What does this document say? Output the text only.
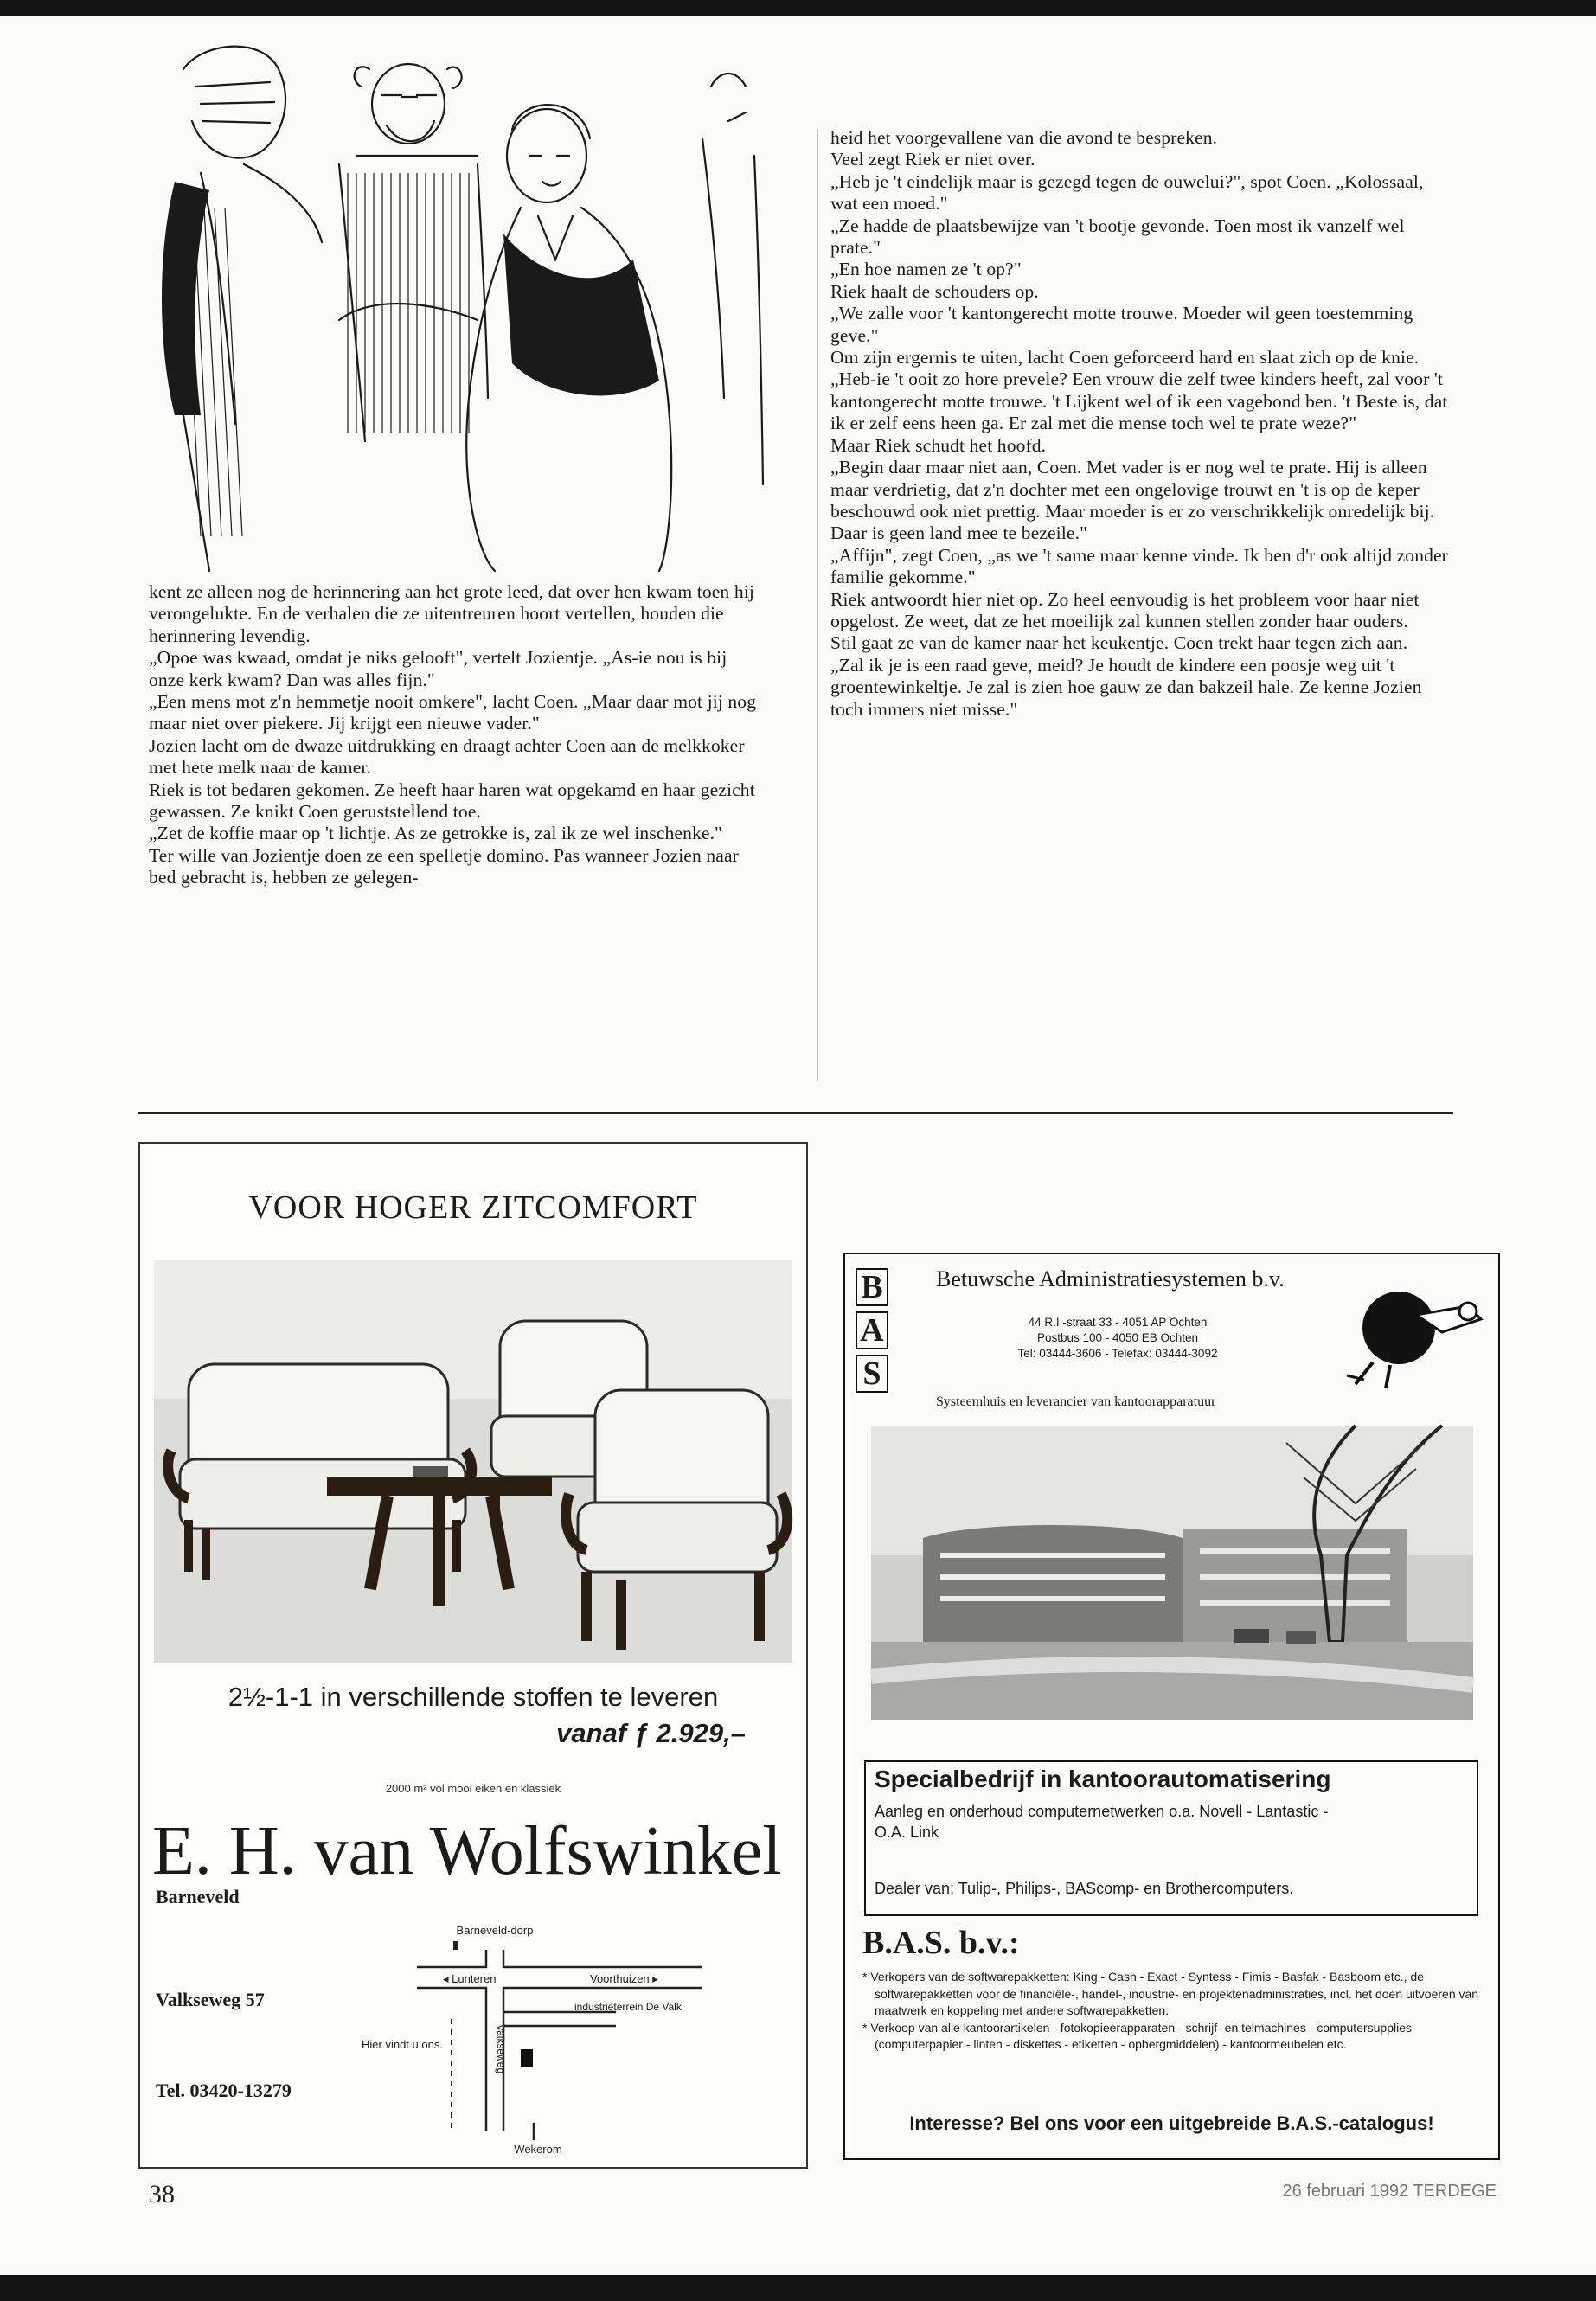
kent ze alleen nog de herinnering aan het grote leed, dat over hen kwam toen hij verongelukte. En de verhalen die ze uitentreuren hoort vertellen, houden die herinnering levendig.

„Opoe was kwaad, omdat je niks gelooft", vertelt Jozientje. „As-ie nou is bij onze kerk kwam? Dan was alles fijn."

„Een mens mot z'n hemmetje nooit omkere", lacht Coen. „Maar daar mot jij nog maar niet over piekere. Jij krijgt een nieuwe vader."

Jozien lacht om de dwaze uitdrukking en draagt achter Coen aan de melkkoker met hete melk naar de kamer.

Riek is tot bedaren gekomen. Ze heeft haar haren wat opgekamd en haar gezicht gewassen. Ze knikt Coen geruststellend toe.

„Zet de koffie maar op 't lichtje. As ze getrokke is, zal ik ze wel inschenke."

Ter wille van Jozientje doen ze een spelletje domino. Pas wanneer Jozien naar bed gebracht is, hebben ze gelegen-

heid het voorgevallene van die avond te bespreken.

Veel zegt Riek er niet over.

„Heb je 't eindelijk maar is gezegd tegen de ouwelui?", spot Coen. „Kolossaal, wat een moed."

„Ze hadde de plaatsbewijze van 't bootje gevonde. Toen most ik vanzelf wel prate."

„En hoe namen ze 't op?"

Riek haalt de schouders op.

„We zalle voor 't kantongerecht motte trouwe. Moeder wil geen toestemming geve."

Om zijn ergernis te uiten, lacht Coen geforceerd hard en slaat zich op de knie.

„Heb-ie 't ooit zo hore prevele? Een vrouw die zelf twee kinders heeft, zal voor 't kantongerecht motte trouwe. 't Lijkent wel of ik een vagebond ben. 't Beste is, dat ik er zelf eens heen ga. Er zal met die mense toch wel te prate weze?"

Maar Riek schudt het hoofd.

„Begin daar maar niet aan, Coen. Met vader is er nog wel te prate. Hij is alleen maar verdrietig, dat z'n dochter met een ongelovige trouwt en 't is op de keper beschouwd ook niet prettig. Maar moeder is er zo verschrikkelijk onredelijk bij. Daar is geen land mee te bezeile."

„Affijn", zegt Coen, „as we 't same maar kenne vinde. Ik ben d'r ook altijd zonder familie gekomme."

Riek antwoordt hier niet op. Zo heel eenvoudig is het probleem voor haar niet opgelost. Ze weet, dat ze het moeilijk zal kunnen stellen zonder haar ouders.

Stil gaat ze van de kamer naar het keukentje. Coen trekt haar tegen zich aan.

„Zal ik je is een raad geve, meid? Je houdt de kindere een poosje weg uit 't groentewinkeltje. Je zal is zien hoe gauw ze dan bakzeil hale. Ze kenne Jozien toch immers niet misse."

VOOR HOGER ZITCOMFORT
2½-1-1 in verschillende stoffen te leveren
vanaf ƒ 2.929,–
2000 m² vol mooi eiken en klassiek
E. H. van Wolfswinkel
Barneveld
Valkseweg 57
Tel. 03420-13279
Barneveld-dorp
◂ Lunteren	Voorthuizen ▸
industrieterrein De Valk
Hier vindt u ons.	Valkseweg
Wekerom
B
A
S
Betuwsche Administratiesystemen b.v.
44 R.I.-straat 33 - 4051 AP Ochten
Postbus 100 - 4050 EB Ochten
Tel: 03444-3606 - Telefax: 03444-3092
Systeemhuis en leverancier van kantoorapparatuur
Specialbedrijf in kantoorautomatisering
Aanleg en onderhoud computernetwerken o.a. Novell - Lantastic -
O.A. Link
Dealer van: Tulip-, Philips-, BAScomp- en Brothercomputers.
B.A.S. b.v.:

* Verkopers van de softwarepakketten: King - Cash - Exact - Syntess - Fimis - Basfak - Basboom etc., de softwarepakketten voor de financiële-, handel-, industrie- en projektenadministraties, incl. het doen uitvoeren van maatwerk en koppeling met andere softwarepakketten.

* Verkoop van alle kantoorartikelen - fotokopieerapparaten - schrijf- en telmachines - computersupplies (computerpapier - linten - diskettes - etiketten - opbergmiddelen) - kantoormeubelen etc.

Interesse? Bel ons voor een uitgebreide B.A.S.-catalogus!
38	26 februari 1992 TERDEGE
